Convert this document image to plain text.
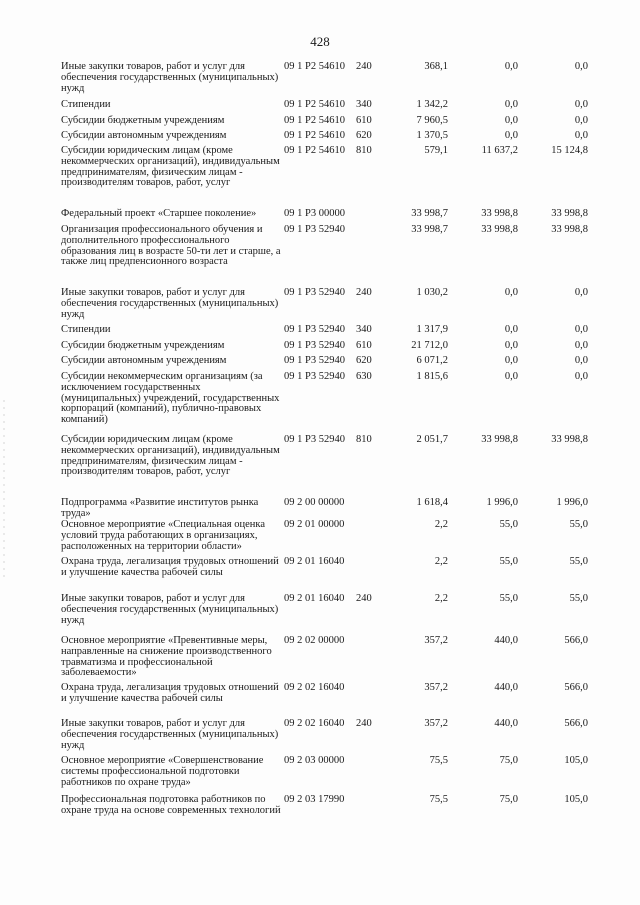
428
Иные закупки товаров, работ и услуг для обеспечения государственных (муниципальных) нужд
09 1 P2 54610	240	368,1	0,0	0,0
Стипендии	09 1 P2 54610	340	1 342,2	0,0	0,0
Субсидии бюджетным учреждениям	09 1 P2 54610	610	7 960,5	0,0	0,0
Субсидии автономным учреждениям	09 1 P2 54610	620	1 370,5	0,0	0,0
Субсидии юридическим лицам (кроме некоммерческих организаций), индивидуальным предпринимателям, физическим лицам - производителям товаров, работ, услуг
09 1 P2 54610	810	579,1	11 637,2	15 124,8
Федеральный проект «Старшее поколение»	09 1 P3 00000	33 998,7	33 998,8	33 998,8
Организация профессионального обучения и дополнительного профессионального образования лиц в возрасте 50-ти лет и старше, а также лиц предпенсионного возраста
09 1 P3 52940	33 998,7	33 998,8	33 998,8
Иные закупки товаров, работ и услуг для обеспечения государственных (муниципальных) нужд
09 1 P3 52940	240	1 030,2	0,0	0,0
Стипендии	09 1 P3 52940	340	1 317,9	0,0	0,0
Субсидии бюджетным учреждениям	09 1 P3 52940	610	21 712,0	0,0	0,0
Субсидии автономным учреждениям	09 1 P3 52940	620	6 071,2	0,0	0,0
Субсидии некоммерческим организациям (за исключением государственных (муниципальных) учреждений, государственных корпораций (компаний), публично-правовых компаний)
09 1 P3 52940	630	1 815,6	0,0	0,0
Субсидии юридическим лицам (кроме некоммерческих организаций), индивидуальным предпринимателям, физическим лицам - производителям товаров, работ, услуг
09 1 P3 52940	810	2 051,7	33 998,8	33 998,8
Подпрограмма «Развитие институтов рынка труда»
09 2 00 00000	1 618,4	1 996,0	1 996,0
Основное мероприятие «Специальная оценка условий труда работающих в организациях, расположенных на территории области»
09 2 01 00000	2,2	55,0	55,0
Охрана труда, легализация трудовых отношений и улучшение качества рабочей силы
09 2 01 16040	2,2	55,0	55,0
Иные закупки товаров, работ и услуг для обеспечения государственных (муниципальных) нужд
09 2 01 16040	240	2,2	55,0	55,0
Основное мероприятие «Превентивные меры, направленные на снижение производственного травматизма и профессиональной заболеваемости»
09 2 02 00000	357,2	440,0	566,0
Охрана труда, легализация трудовых отношений и улучшение качества рабочей силы
09 2 02 16040	357,2	440,0	566,0
Иные закупки товаров, работ и услуг для обеспечения государственных (муниципальных) нужд
09 2 02 16040	240	357,2	440,0	566,0
Основное мероприятие «Совершенствование системы профессиональной подготовки работников по охране труда»
09 2 03 00000	75,5	75,0	105,0
Профессиональная подготовка работников по охране труда на основе современных технологий
09 2 03 17990	75,5	75,0	105,0
